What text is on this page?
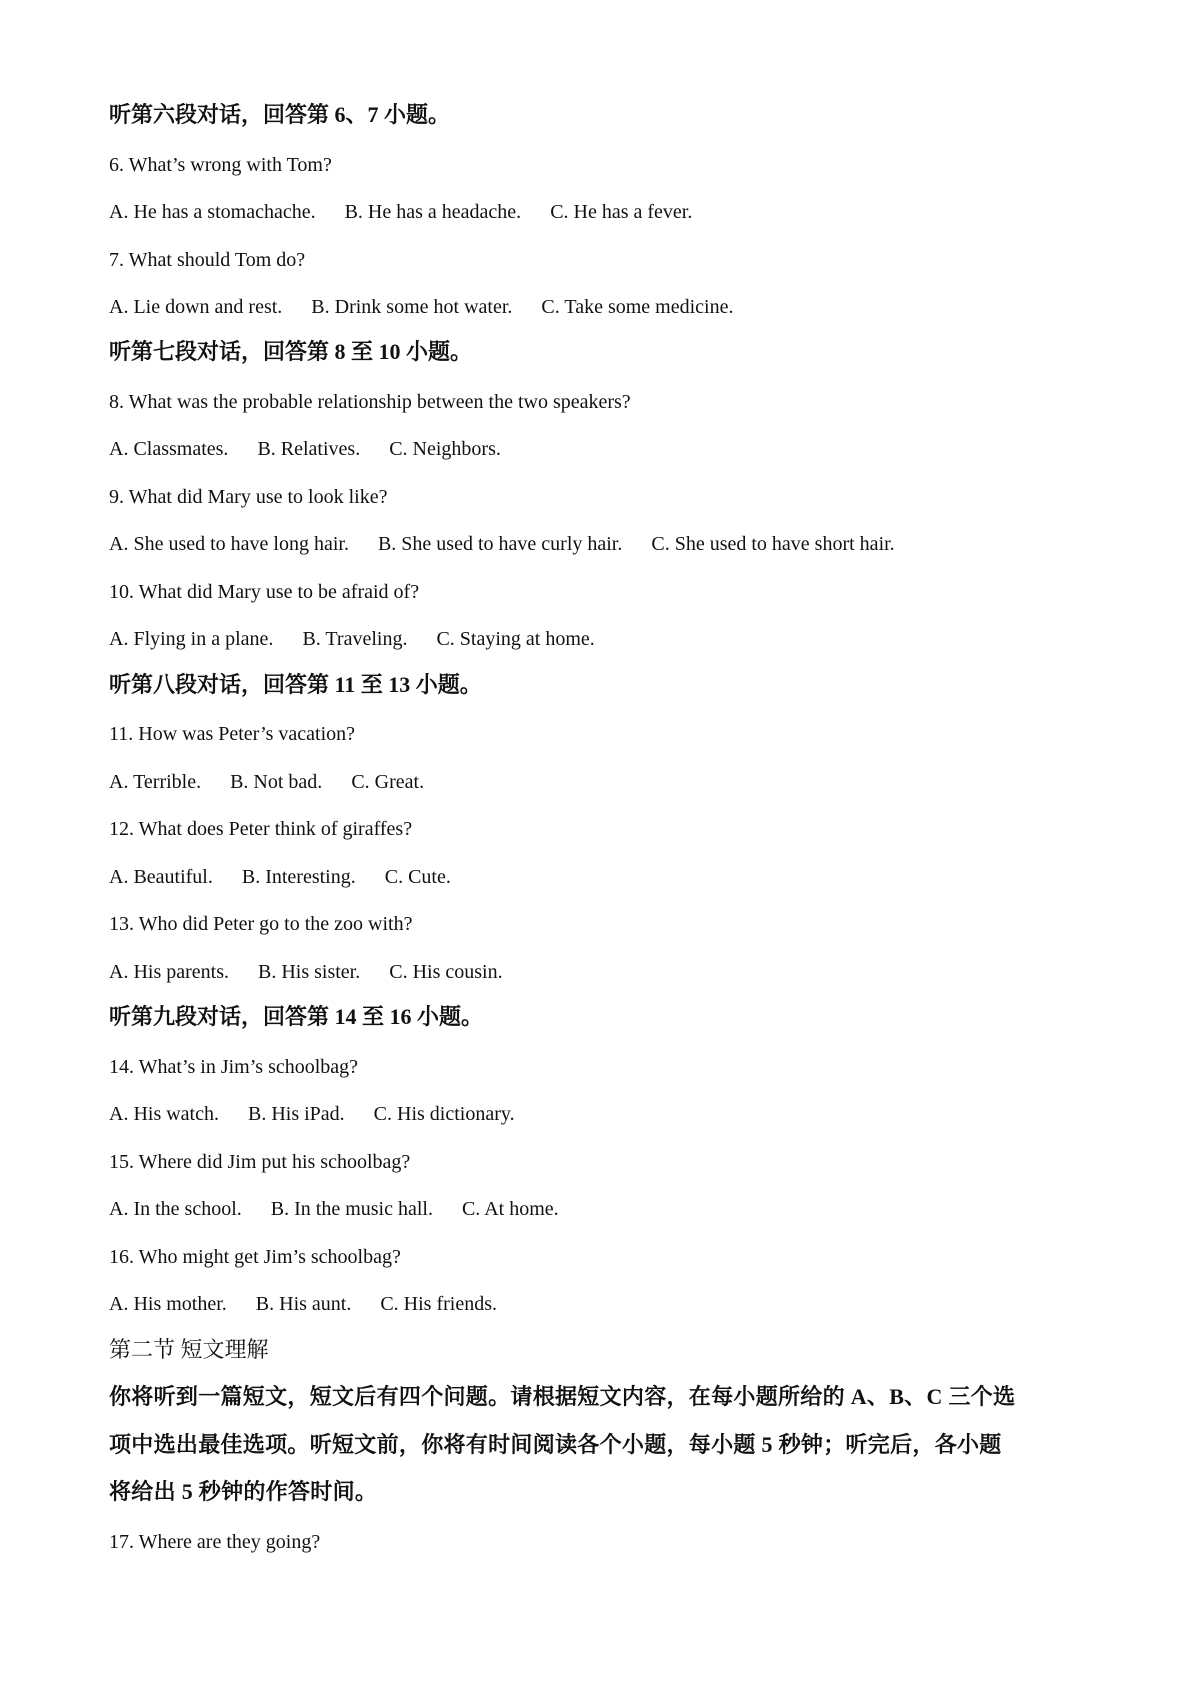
听第六段对话，回答第 6、7 小题。
6. What’s wrong with Tom?
A. He has a stomachache. B. He has a headache. C. He has a fever.
7. What should Tom do?
A. Lie down and rest. B. Drink some hot water. C. Take some medicine.
听第七段对话，回答第 8 至 10 小题。
8. What was the probable relationship between the two speakers?
A. Classmates. B. Relatives. C. Neighbors.
9. What did Mary use to look like?
A. She used to have long hair. B. She used to have curly hair. C. She used to have short hair.
10. What did Mary use to be afraid of?
A. Flying in a plane. B. Traveling. C. Staying at home.
听第八段对话，回答第 11 至 13 小题。
11. How was Peter’s vacation?
A. Terrible. B. Not bad. C. Great.
12. What does Peter think of giraffes?
A. Beautiful. B. Interesting. C. Cute.
13. Who did Peter go to the zoo with?
A. His parents. B. His sister. C. His cousin.
听第九段对话，回答第 14 至 16 小题。
14. What’s in Jim’s schoolbag?
A. His watch. B. His iPad. C. His dictionary.
15. Where did Jim put his schoolbag?
A. In the school. B. In the music hall. C. At home.
16. Who might get Jim’s schoolbag?
A. His mother. B. His aunt. C. His friends.
第二节 短文理解
你将听到一篇短文，短文后有四个问题。请根据短文内容，在每小题所给的 A、B、C 三个选
项中选出最佳选项。听短文前，你将有时间阅读各个小题，每小题 5 秒钟；听完后，各小题
将给出 5 秒钟的作答时间。
17. Where are they going?
